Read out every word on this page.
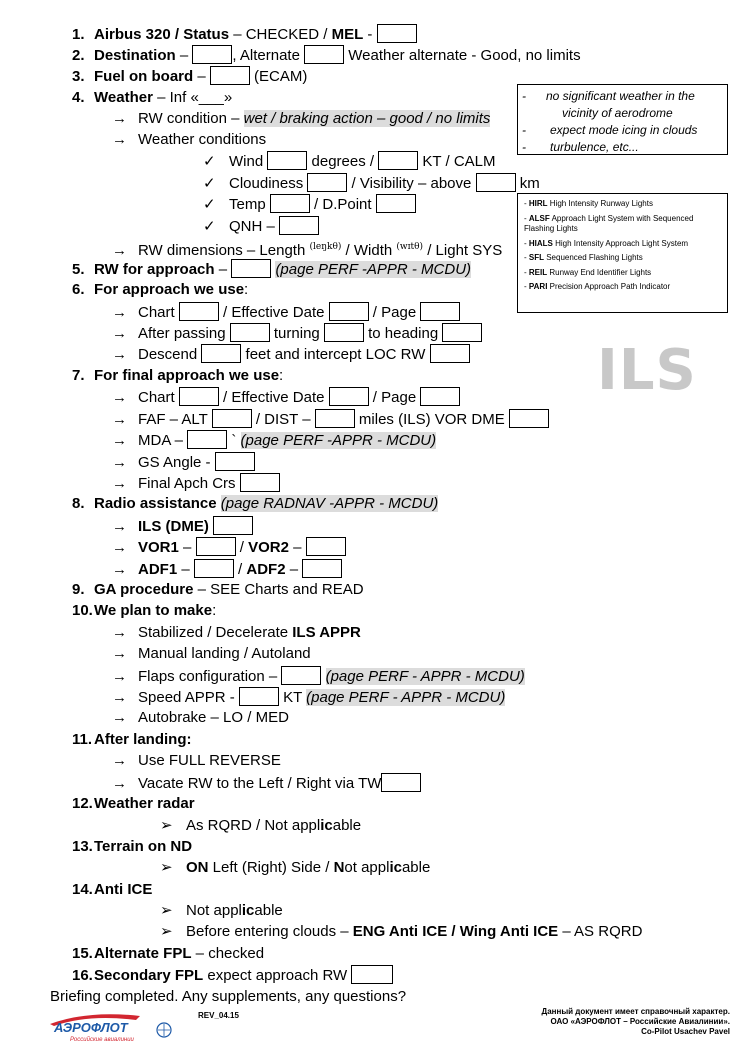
1. Airbus 320 / Status – CHECKED / MEL -
2. Destination –	, Alternate	Weather alternate - Good, no limits
3. Fuel on board –	(ECAM)
4. Weather – Inf «___»
→ RW condition – wet / braking action – good / no limits
→ Weather conditions
✓ Wind	degrees /	KT / CALM
✓ Cloudiness	/ Visibility – above	km
✓ Temp	/ D.Point
✓ QNH –
→ RW dimensions – Length $^{(leŋk\theta)}$ / Width $^{(wɪt\theta)}$ / Light SYS
5. RW for approach –	(page PERF -APPR - MCDU)
6. For approach we use:
→ Chart	/ Effective Date	/ Page
→ After passing	turning	to heading
→ Descend	feet and intercept LOC RW
7. For final approach we use:
→ Chart	/ Effective Date	/ Page
→ FAF – ALT	/ DIST –	miles (ILS) VOR DME
→ MDA –	` (page PERF -APPR - MCDU)
→ GS Angle -
→ Final Apch Crs
8. Radio assistance (page RADNAV -APPR - MCDU)
→ ILS (DME)
→ VOR1 –	/ VOR2 –
→ ADF1 –	/ ADF2 –
9. GA procedure – SEE Charts and READ
10.We plan to make:
→ Stabilized / Decelerate ILS APPR
→ Manual landing / Autoland
→ Flaps configuration –	(page PERF - APPR - MCDU)
→ Speed APPR -	KT (page PERF - APPR - MCDU)
→ Autobrake – LO / MED
11. After landing:
→ Use FULL REVERSE
→ Vacate RW to the Left / Right via TW
12.Weather radar
➢ As RQRD / Not applicable
13.Terrain on ND
➢ ON Left (Right) Side / Not applicable
14.Anti ICE
➢ Not applicable
➢ Before entering clouds – ENG Anti ICE / Wing Anti ICE – AS RQRD
15.Alternate FPL – checked
16.Secondary FPL expect approach RW
Briefing completed. Any supplements, any questions?
- no significant weather in the
vicinity of aerodrome
- expect mode icing in clouds
- turbulence, etc...
- HIRL High Intensity Runway Lights
- ALSF Approach Light System with Sequenced Flashing Lights
- HIALS High Intensity Approach Light System
- SFL Sequenced Flashing Lights
- REIL Runway End Identifier Lights
- PARI Precision Approach Path Indicator
ILS
АЭРОФЛОТ
Российские авиалинии
REV_04.15	Данный документ имеет справочный характер.
ОАО «АЭРОФЛОТ – Российские Авиалинии».
Co-Pilot Usachev Pavel
